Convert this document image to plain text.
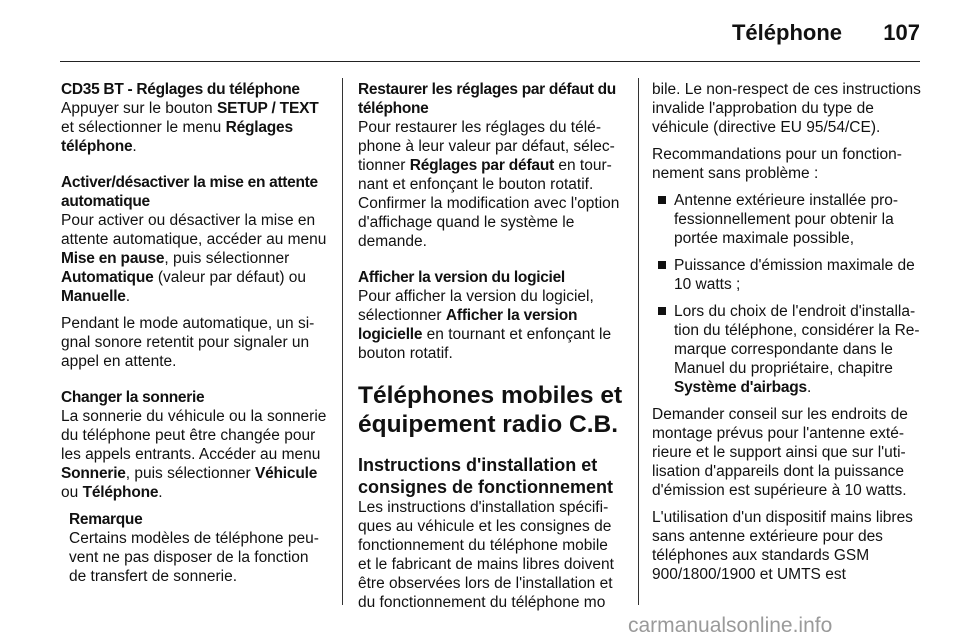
Téléphone 107

CD35 BT - Réglages du téléphone

Appuyer sur le bouton SETUP / TEXT et sélectionner le menu Réglages téléphone.

Activer/désactiver la mise en attente automatique

Pour activer ou désactiver la mise en attente automatique, accéder au menu Mise en pause, puis sélectionner Automatique (valeur par défaut) ou Manuelle.

Pendant le mode automatique, un signal sonore retentit pour signaler un appel en attente.

Changer la sonnerie

La sonnerie du véhicule ou la sonnerie du téléphone peut être changée pour les appels entrants. Accéder au menu Sonnerie, puis sélectionner Véhicule ou Téléphone.

Remarque

Certains modèles de téléphone peuvent ne pas disposer de la fonction de transfert de sonnerie.

Restaurer les réglages par défaut du téléphone

Pour restaurer les réglages du téléphone à leur valeur par défaut, sélectionner Réglages par défaut en tournant et enfonçant le bouton rotatif. Confirmer la modification avec l'option d'affichage quand le système le demande.

Afficher la version du logiciel

Pour afficher la version du logiciel, sélectionner Afficher la version logicielle en tournant et enfonçant le bouton rotatif.

Téléphones mobiles et équipement radio C.B.

Instructions d'installation et consignes de fonctionnement

Les instructions d'installation spécifiques au véhicule et les consignes de fonctionnement du téléphone mobile et le fabricant de mains libres doivent être observées lors de l'installation et du fonctionnement du téléphone mo

bile. Le non-respect de ces instructions invalide l'approbation du type de véhicule (directive EU 95/54/CE).

Recommandations pour un fonctionnement sans problème :

Antenne extérieure installée professionnellement pour obtenir la portée maximale possible,
Puissance d'émission maximale de 10 watts ;
Lors du choix de l'endroit d'installation du téléphone, considérer la Remarque correspondante dans le Manuel du propriétaire, chapitre Système d'airbags.

Demander conseil sur les endroits de montage prévus pour l'antenne extérieure et le support ainsi que sur l'utilisation d'appareils dont la puissance d'émission est supérieure à 10 watts.

L'utilisation d'un dispositif mains libres sans antenne extérieure pour des téléphones aux standards GSM 900/1800/1900 et UMTS est

carmanualsonline.info
